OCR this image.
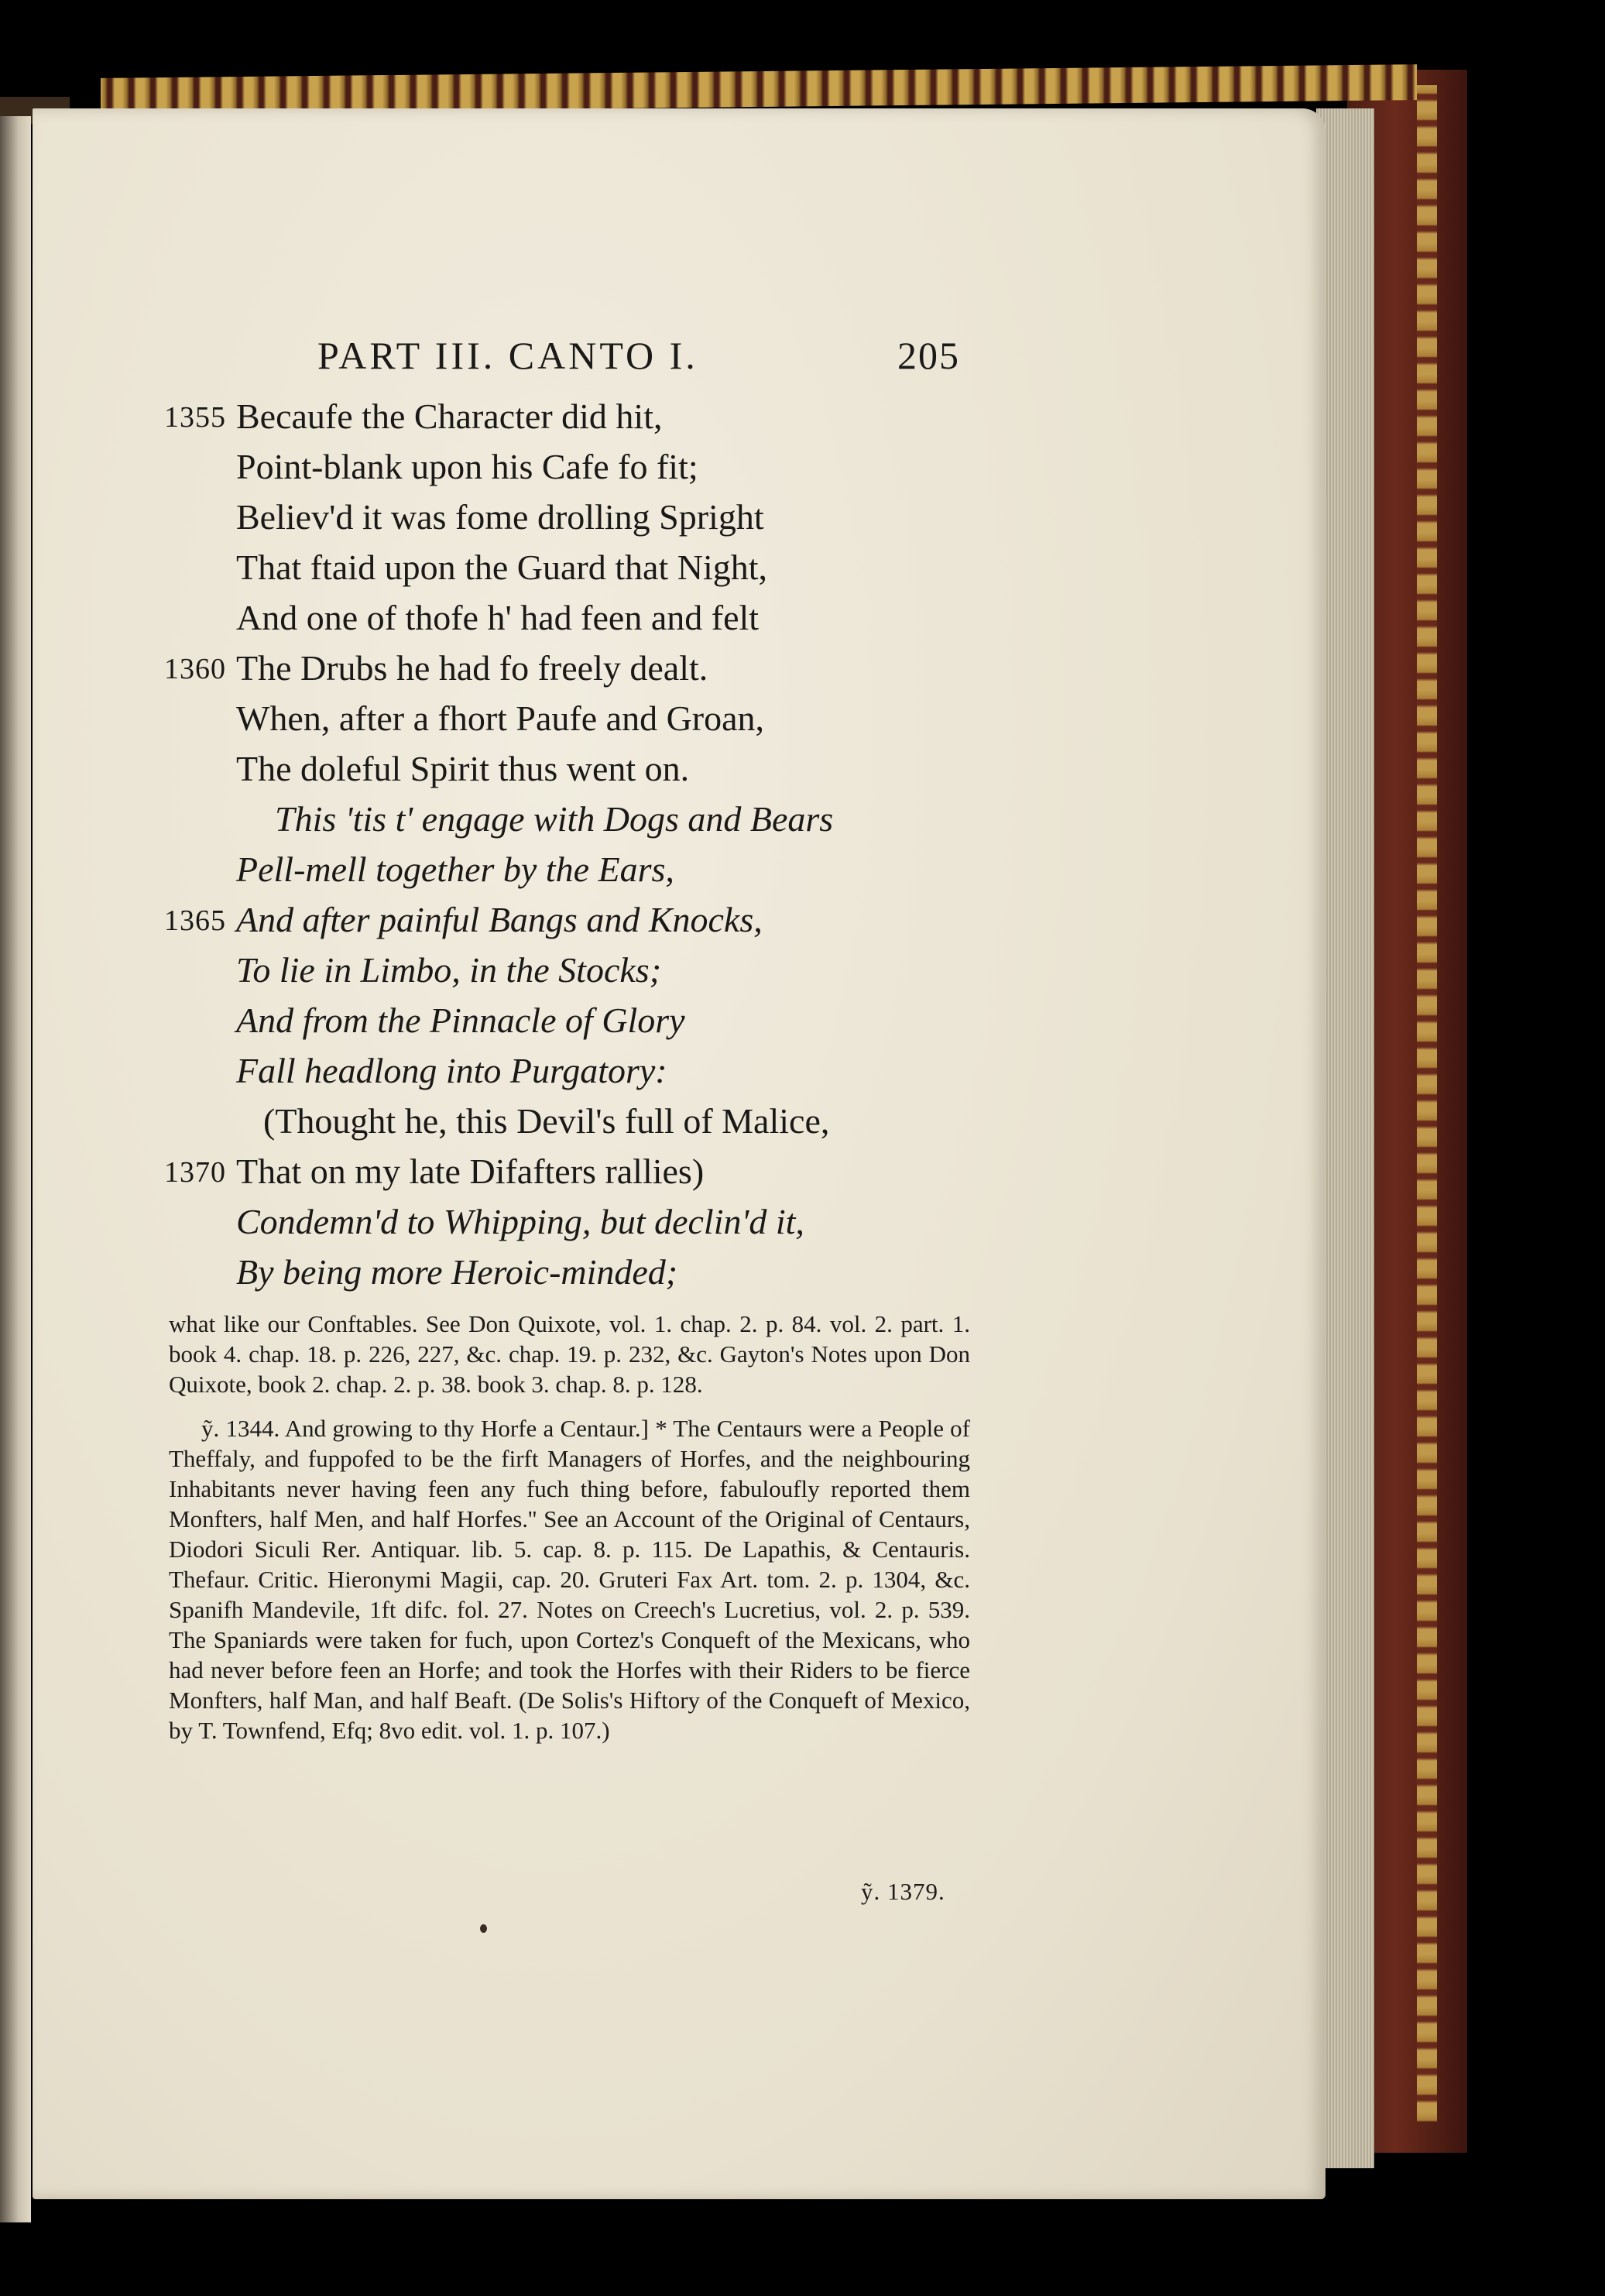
PART III. CANTO I.	205
1355 Becaufe the Character did hit,
Point-blank upon his Cafe fo fit;
Believ'd it was fome drolling Spright
That ftaid upon the Guard that Night,
And one of thofe h' had feen and felt
1360 The Drubs he had fo freely dealt.
When, after a fhort Paufe and Groan,
The doleful Spirit thus went on.
This 'tis t' engage with Dogs and Bears
Pell-mell together by the Ears,
1365 And after painful Bangs and Knocks,
To lie in Limbo, in the Stocks;
And from the Pinnacle of Glory
Fall headlong into Purgatory:
(Thought he, this Devil's full of Malice,
1370 That on my late Difafters rallies)
Condemn'd to Whipping, but declin'd it,
By being more Heroic-minded;

what like our Conftables. See Don Quixote, vol. 1. chap. 2. p. 84. vol. 2. part. 1. book 4. chap. 18. p. 226, 227, &c. chap. 19. p. 232, &c. Gayton's Notes upon Don Quixote, book 2. chap. 2. p. 38. book 3. chap. 8. p. 128.

ỹ. 1344. And growing to thy Horfe a Centaur.] * The Centaurs were a People of Theffaly, and fuppofed to be the firft Managers of Horfes, and the neighbouring Inhabitants never having feen any fuch thing before, fabuloufly reported them Monfters, half Men, and half Horfes.'' See an Account of the Original of Centaurs, Diodori Siculi Rer. Antiquar. lib. 5. cap. 8. p. 115. De Lapathis, & Centauris. Thefaur. Critic. Hieronymi Magii, cap. 20. Gruteri Fax Art. tom. 2. p. 1304, &c. Spanifh Mandevile, 1ft difc. fol. 27. Notes on Creech's Lucretius, vol. 2. p. 539. The Spaniards were taken for fuch, upon Cortez's Conqueft of the Mexicans, who had never before feen an Horfe; and took the Horfes with their Riders to be fierce Monfters, half Man, and half Beaft. (De Solis's Hiftory of the Conqueft of Mexico, by T. Townfend, Efq; 8vo edit. vol. 1. p. 107.)

ỹ. 1379.
